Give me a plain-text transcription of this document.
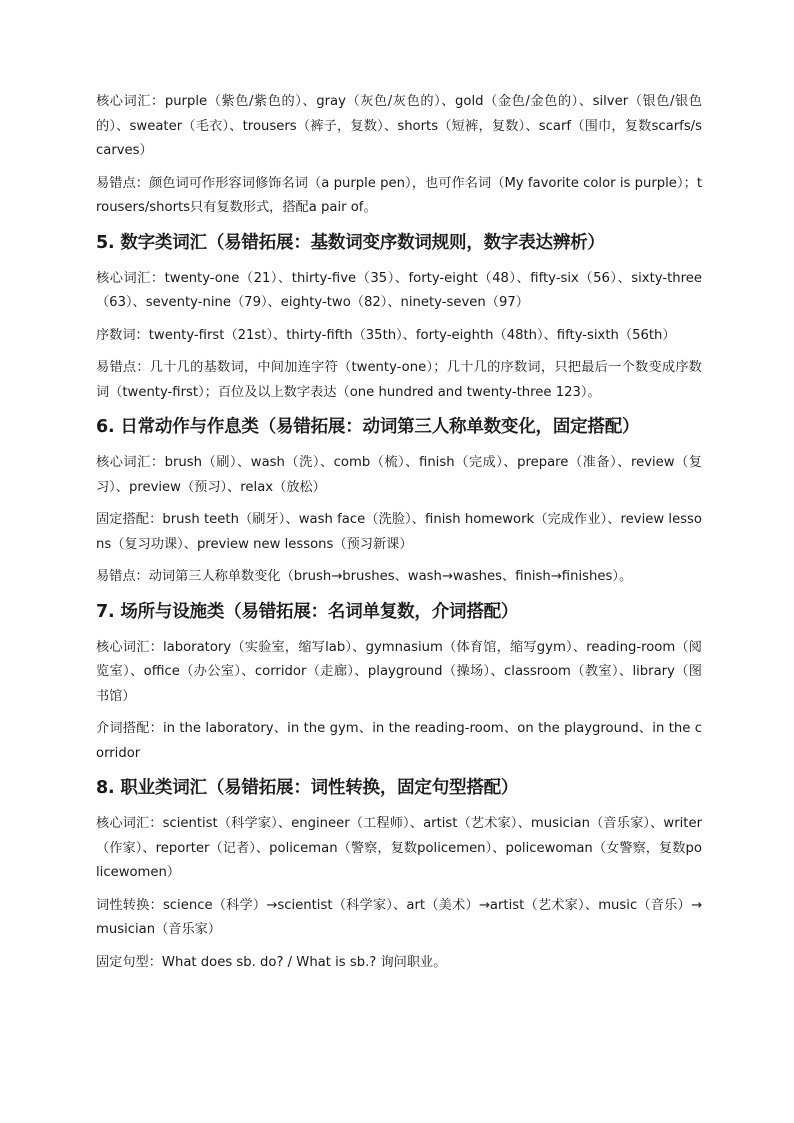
核心词汇：purple（紫色/紫色的）、gray（灰色/灰色的）、gold（金色/金色的）、silver（银色/银色的）、sweater（毛衣）、trousers（裤子，复数）、shorts（短裤，复数）、scarf（围巾，复数scarfs/scarves）

易错点：颜色词可作形容词修饰名词（a purple pen），也可作名词（My favorite color is purple）；trousers/shorts只有复数形式，搭配a pair of。

5. 数字类词汇（易错拓展：基数词变序数词规则，数字表达辨析）

核心词汇：twenty-one（21）、thirty-five（35）、forty-eight（48）、fifty-six（56）、sixty-three（63）、seventy-nine（79）、eighty-two（82）、ninety-seven（97）

序数词：twenty-first（21st）、thirty-fifth（35th）、forty-eighth（48th）、fifty-sixth（56th）

易错点：几十几的基数词，中间加连字符（twenty-one）；几十几的序数词，只把最后一个数变成序数词（twenty-first）；百位及以上数字表达（one hundred and twenty-three 123）。

6. 日常动作与作息类（易错拓展：动词第三人称单数变化，固定搭配）

核心词汇：brush（刷）、wash（洗）、comb（梳）、finish（完成）、prepare（准备）、review（复习）、preview（预习）、relax（放松）

固定搭配：brush teeth（刷牙）、wash face（洗脸）、finish homework（完成作业）、review lessons（复习功课）、preview new lessons（预习新课）

易错点：动词第三人称单数变化（brush→brushes、wash→washes、finish→finishes）。

7. 场所与设施类（易错拓展：名词单复数，介词搭配）

核心词汇：laboratory（实验室，缩写lab）、gymnasium（体育馆，缩写gym）、reading-room（阅览室）、office（办公室）、corridor（走廊）、playground（操场）、classroom（教室）、library（图书馆）

介词搭配：in the laboratory、in the gym、in the reading-room、on the playground、in the corridor

8. 职业类词汇（易错拓展：词性转换，固定句型搭配）

核心词汇：scientist（科学家）、engineer（工程师）、artist（艺术家）、musician（音乐家）、writer（作家）、reporter（记者）、policeman（警察，复数policemen）、policewoman（女警察，复数policewomen）

词性转换：science（科学）→scientist（科学家）、art（美术）→artist（艺术家）、music（音乐）→musician（音乐家）

固定句型：What does sb. do? / What is sb.? 询问职业。
